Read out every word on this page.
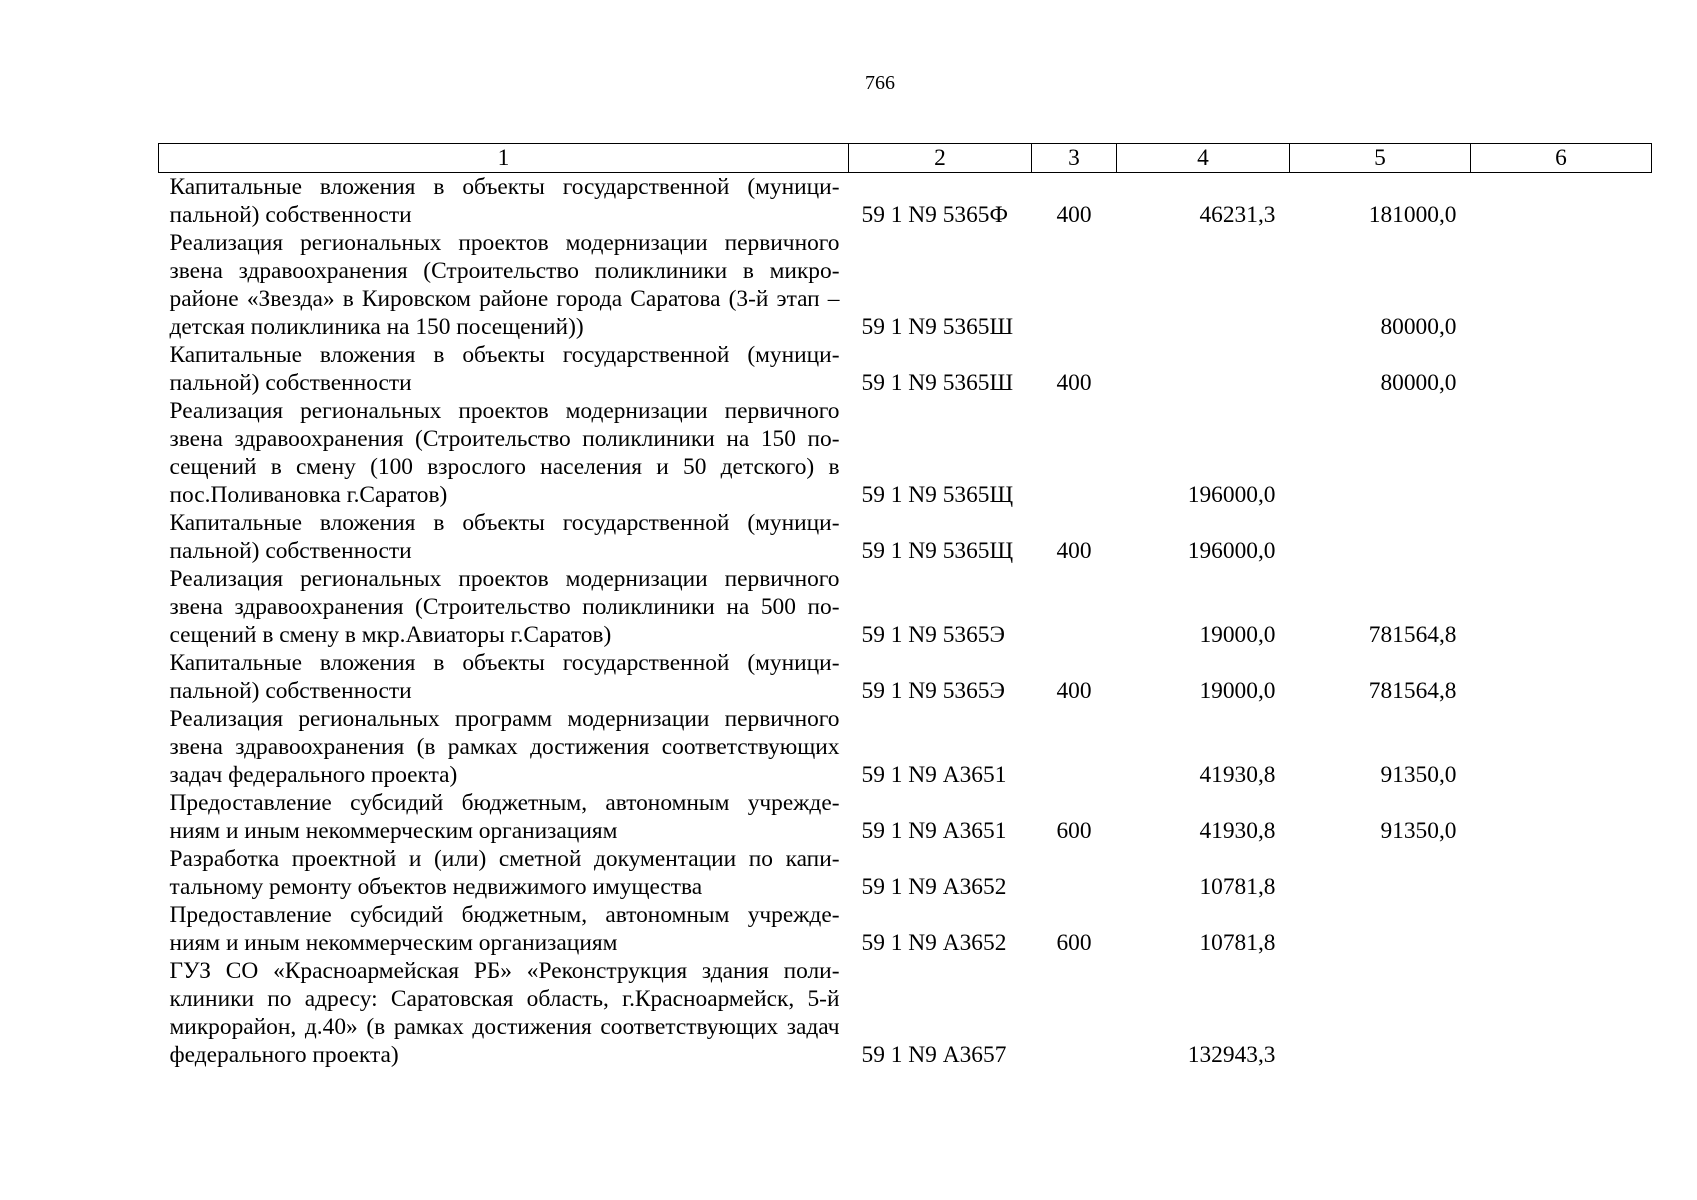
766
1	2	3	4	5	6
Капитальные вложения в объекты государственной (муници-пальной) собственности	59 1 N9 5365Ф	400	46231,3	181000,0	
Реализация региональных проектов модернизации первичного звена здравоохранения (Строительство поликлиники в микро-районе «Звезда» в Кировском районе города Саратова (3-й этап – детская поликлиника на 150 посещений))	59 1 N9 5365Ш			80000,0	
Капитальные вложения в объекты государственной (муници-пальной) собственности	59 1 N9 5365Ш	400		80000,0	
Реализация региональных проектов модернизации первичного звена здравоохранения (Строительство поликлиники на 150 по-сещений в смену (100 взрослого населения и 50 детского) в пос.Поливановка г.Саратов)	59 1 N9 5365Щ		196000,0		
Капитальные вложения в объекты государственной (муници-пальной) собственности	59 1 N9 5365Щ	400	196000,0		
Реализация региональных проектов модернизации первичного звена здравоохранения (Строительство поликлиники на 500 по-сещений в смену в мкр.Авиаторы г.Саратов)	59 1 N9 5365Э		19000,0	781564,8	
Капитальные вложения в объекты государственной (муници-пальной) собственности	59 1 N9 5365Э	400	19000,0	781564,8	
Реализация региональных программ модернизации первичного звена здравоохранения (в рамках достижения соответствующих задач федерального проекта)	59 1 N9 А3651		41930,8	91350,0	
Предоставление субсидий бюджетным, автономным учрежде-ниям и иным некоммерческим организациям	59 1 N9 А3651	600	41930,8	91350,0	
Разработка проектной и (или) сметной документации по капи-тальному ремонту объектов недвижимого имущества	59 1 N9 А3652		10781,8		
Предоставление субсидий бюджетным, автономным учрежде-ниям и иным некоммерческим организациям	59 1 N9 А3652	600	10781,8		
ГУЗ СО «Красноармейская РБ» «Реконструкция здания поли-клиники по адресу: Саратовская область, г.Красноармейск, 5-й микрорайон, д.40» (в рамках достижения соответствующих задач федерального проекта)	59 1 N9 А3657		132943,3		
